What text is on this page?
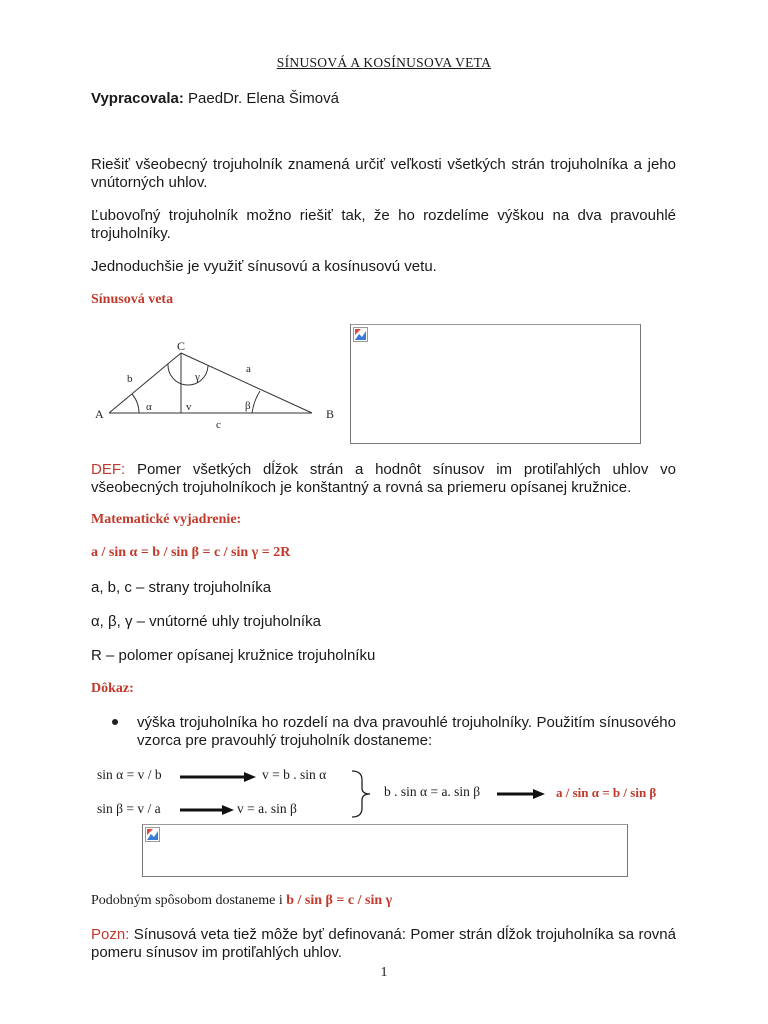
SÍNUSOVÁ A KOSÍNUSOVA VETA
Vypracovala: PaedDr. Elena Šimová
Riešiť všeobecný trojuholník znamená určiť veľkosti všetkých strán trojuholníka a jeho vnútorných uhlov.
Ľubovoľný trojuholník možno riešiť tak, že ho rozdelíme výškou na dva pravouhlé trojuholníky.
Jednoduchšie je využiť sínusovú a kosínusovú vetu.
Sínusová veta
A	B
C
a
b
c
v
α	β
γ
DEF: Pomer všetkých dĺžok strán a hodnôt sínusov im protiľahlých uhlov vo všeobecných trojuholníkoch je konštantný a rovná sa priemeru opísanej kružnice.
Matematické vyjadrenie:
a / sin α = b / sin β = c / sin γ = 2R
a, b, c – strany trojuholníka
α, β, γ – vnútorné uhly trojuholníka
R – polomer opísanej kružnice trojuholníku
Dôkaz:
výška trojuholníka ho rozdelí na dva pravouhlé trojuholníky. Použitím sínusového vzorca pre pravouhlý trojuholník dostaneme:
sin α = v / b	v = b . sin α
sin β = v / a	v = a. sin β
b . sin α = a. sin β	a / sin α = b / sin β
Podobným spôsobom dostaneme i b / sin β = c / sin γ
Pozn: Sínusová veta tiež môže byť definovaná: Pomer strán dĺžok trojuholníka sa rovná pomeru sínusov im protiľahlých uhlov.
1
